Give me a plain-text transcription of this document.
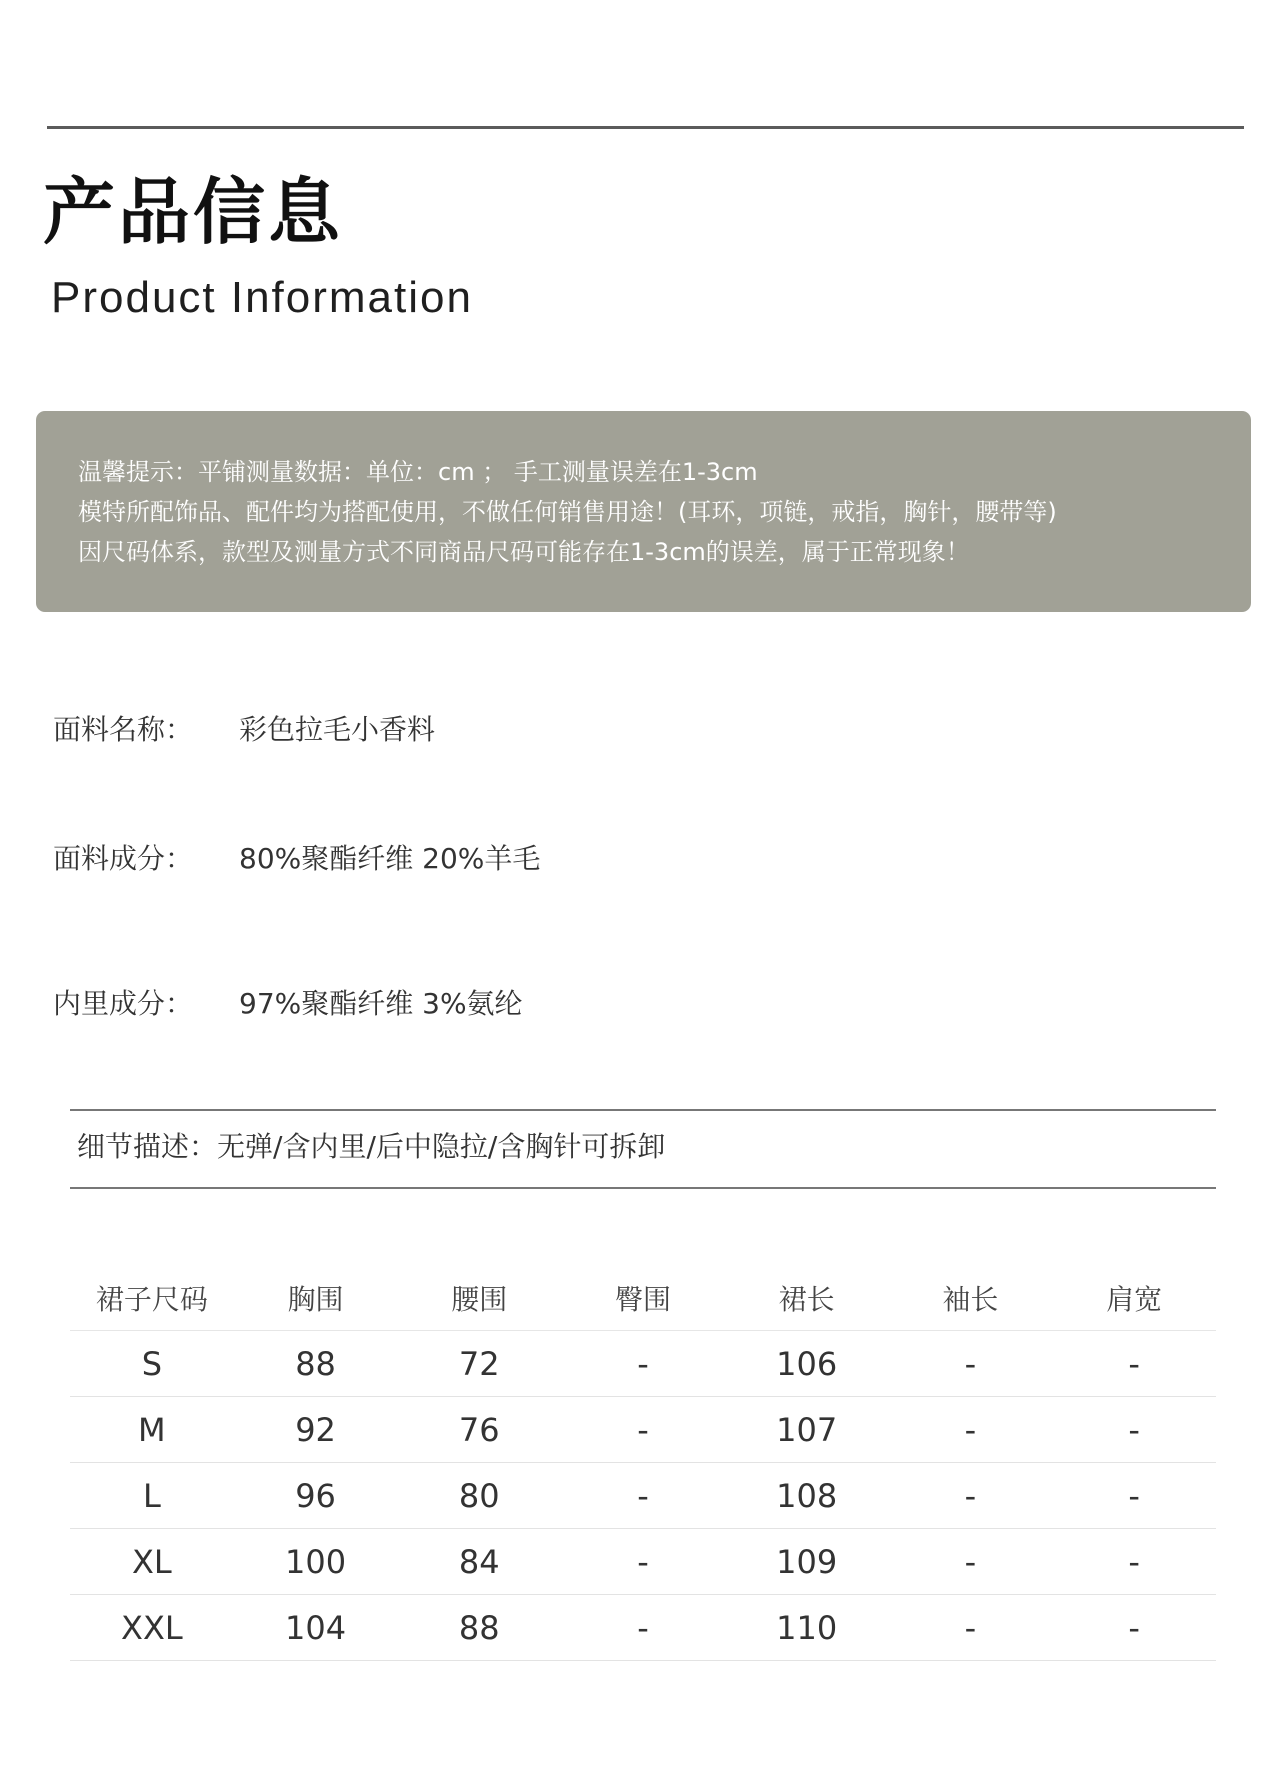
产品信息
Product Information
温馨提示：平铺测量数据：单位：cm ； 手工测量误差在1-3cm
模特所配饰品、配件均为搭配使用，不做任何销售用途！(耳环，项链，戒指，胸针，腰带等)
因尺码体系，款型及测量方式不同商品尺码可能存在1-3cm的误差，属于正常现象！
面料名称： 彩色拉毛小香料
面料成分： 80%聚酯纤维 20%羊毛
内里成分： 97%聚酯纤维 3%氨纶
细节描述：无弹/含内里/后中隐拉/含胸针可拆卸
裙子尺码	胸围	腰围	臀围	裙长	袖长	肩宽
S	88	72	-	106	-	-
M	92	76	-	107	-	-
L	96	80	-	108	-	-
XL	100	84	-	109	-	-
XXL	104	88	-	110	-	-
